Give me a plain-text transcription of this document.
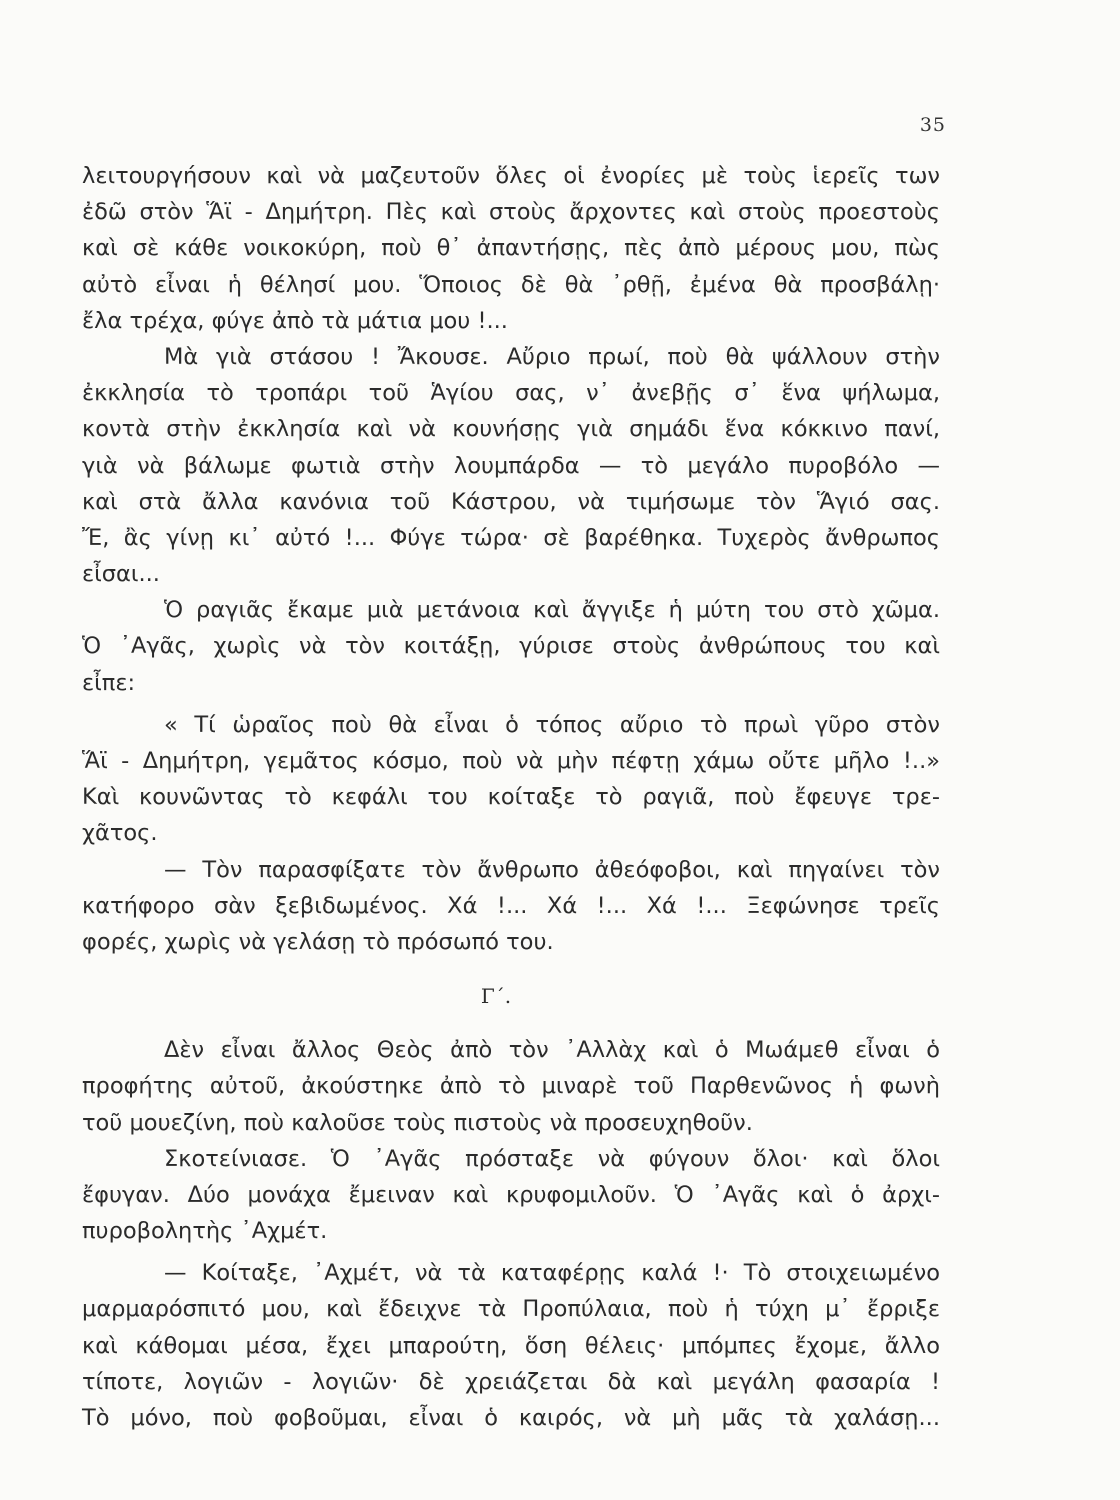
35
λειτουργήσουν καὶ νὰ μαζευτοῦν ὅλες οἱ ἐνορίες μὲ τοὺς ἱερεῖς των
ἐδῶ στὸν Ἅϊ - Δημήτρη. Πὲς καὶ στοὺς ἄρχοντες καὶ στοὺς προεστοὺς
καὶ σὲ κάθε νοικοκύρη, ποὺ θ᾿ ἀπαντήσῃς, πὲς ἀπὸ μέρους μου, πὼς
αὐτὸ εἶναι ἡ θέλησί μου. Ὅποιος δὲ θὰ ᾽ρθῇ, ἐμένα θὰ προσβάλῃ·
ἔλα τρέχα, φύγε ἀπὸ τὰ μάτια μου !...
Μὰ γιὰ στάσου ! Ἄκουσε. Αὔριο πρωί, ποὺ θὰ ψάλλουν στὴν
ἐκκλησία τὸ τροπάρι τοῦ Ἁγίου σας, ν᾿ ἀνεβῇς σ᾿ ἕνα ψήλωμα,
κοντὰ στὴν ἐκκλησία καὶ νὰ κουνήσῃς γιὰ σημάδι ἕνα κόκκινο πανί,
γιὰ νὰ βάλωμε φωτιὰ στὴν λουμπάρδα — τὸ μεγάλο πυροβόλο —
καὶ στὰ ἄλλα κανόνια τοῦ Κάστρου, νὰ τιμήσωμε τὸν Ἅγιό σας.
Ἔ, ἂς γίνῃ κι᾿ αὐτό !... Φύγε τώρα· σὲ βαρέθηκα. Τυχερὸς ἄνθρωπος
εἶσαι...
Ὁ ραγιᾶς ἔκαμε μιὰ μετάνοια καὶ ἄγγιξε ἡ μύτη του στὸ χῶμα.
Ὁ ᾽Αγᾶς, χωρὶς νὰ τὸν κοιτάξῃ, γύρισε στοὺς ἀνθρώπους του καὶ
εἶπε:
« Τί ὡραῖος ποὺ θὰ εἶναι ὁ τόπος αὔριο τὸ πρωὶ γῦρο στὸν
Ἅϊ - Δημήτρη, γεμᾶτος κόσμο, ποὺ νὰ μὴν πέφτῃ χάμω οὔτε μῆλο !..»
Καὶ κουνῶντας τὸ κεφάλι του κοίταξε τὸ ραγιᾶ, ποὺ ἔφευγε τρε-
χᾶτος.
— Τὸν παρασφίξατε τὸν ἄνθρωπο ἀθεόφοβοι, καὶ πηγαίνει τὸν
κατήφορο σὰν ξεβιδωμένος. Χά !... Χά !... Χά !... Ξεφώνησε τρεῖς
φορές, χωρὶς νὰ γελάσῃ τὸ πρόσωπό του.
Γ΄.
Δὲν εἶναι ἄλλος Θεὸς ἀπὸ τὸν ᾽Αλλὰχ καὶ ὁ Μωάμεθ εἶναι ὁ
προφήτης αὐτοῦ, ἀκούστηκε ἀπὸ τὸ μιναρὲ τοῦ Παρθενῶνος ἡ φωνὴ
τοῦ μουεζίνη, ποὺ καλοῦσε τοὺς πιστοὺς νὰ προσευχηθοῦν.
Σκοτείνιασε. Ὁ ᾽Αγᾶς πρόσταξε νὰ φύγουν ὅλοι· καὶ ὅλοι
ἔφυγαν. Δύο μονάχα ἔμειναν καὶ κρυφομιλοῦν. Ὁ ᾽Αγᾶς καὶ ὁ ἀρχι-
πυροβολητὴς ᾽Αχμέτ.
— Κοίταξε, ᾽Αχμέτ, νὰ τὰ καταφέρῃς καλά !· Τὸ στοιχειωμένο
μαρμαρόσπιτό μου, καὶ ἔδειχνε τὰ Προπύλαια, ποὺ ἡ τύχη μ᾿ ἔρριξε
καὶ κάθομαι μέσα, ἔχει μπαρούτη, ὅση θέλεις· μπόμπες ἔχομε, ἄλλο
τίποτε, λογιῶν - λογιῶν· δὲ χρειάζεται δὰ καὶ μεγάλη φασαρία !
Τὸ μόνο, ποὺ φοβοῦμαι, εἶναι ὁ καιρός, νὰ μὴ μᾶς τὰ χαλάσῃ...
